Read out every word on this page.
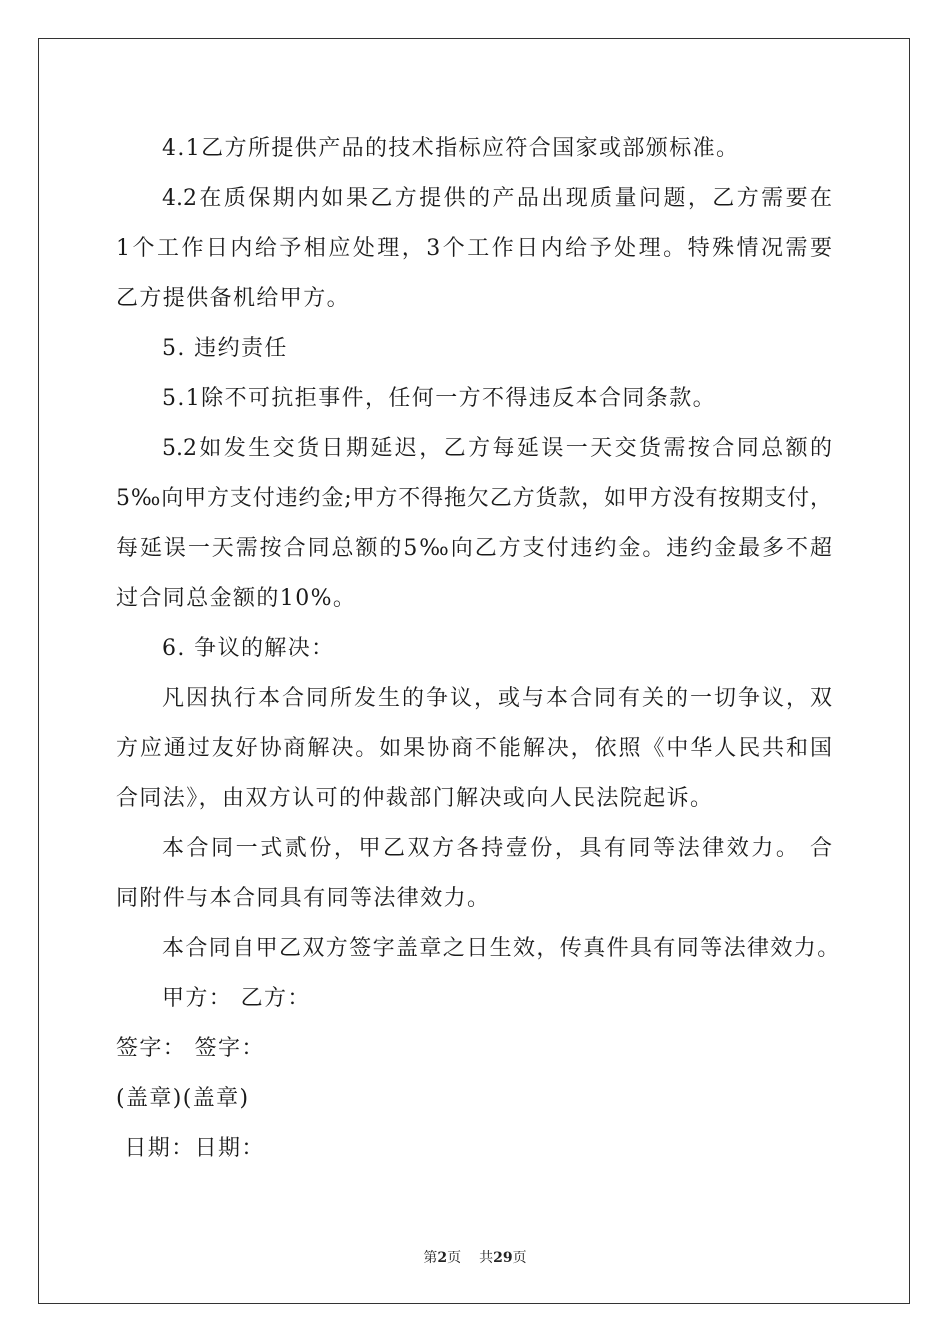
4.1乙方所提供产品的技术指标应符合国家或部颁标准。
4.2在质保期内如果乙方提供的产品出现质量问题，乙方需要在
1个工作日内给予相应处理，3个工作日内给予处理。特殊情况需要
乙方提供备机给甲方。
5. 违约责任
5.1除不可抗拒事件，任何一方不得违反本合同条款。
5.2如发生交货日期延迟，乙方每延误一天交货需按合同总额的
5‰向甲方支付违约金;甲方不得拖欠乙方货款，如甲方没有按期支付，
每延误一天需按合同总额的5‰向乙方支付违约金。违约金最多不超
过合同总金额的10%。
6. 争议的解决：
凡因执行本合同所发生的争议，或与本合同有关的一切争议，双
方应通过友好协商解决。如果协商不能解决，依照《中华人民共和国
合同法》，由双方认可的仲裁部门解决或向人民法院起诉。
本合同一式贰份，甲乙双方各持壹份，具有同等法律效力。 合
同附件与本合同具有同等法律效力。
本合同自甲乙双方签字盖章之日生效，传真件具有同等法律效力。
甲方： 乙方：
签字： 签字：
(盖章)(盖章)
日期：日期：
第2页 共29页
